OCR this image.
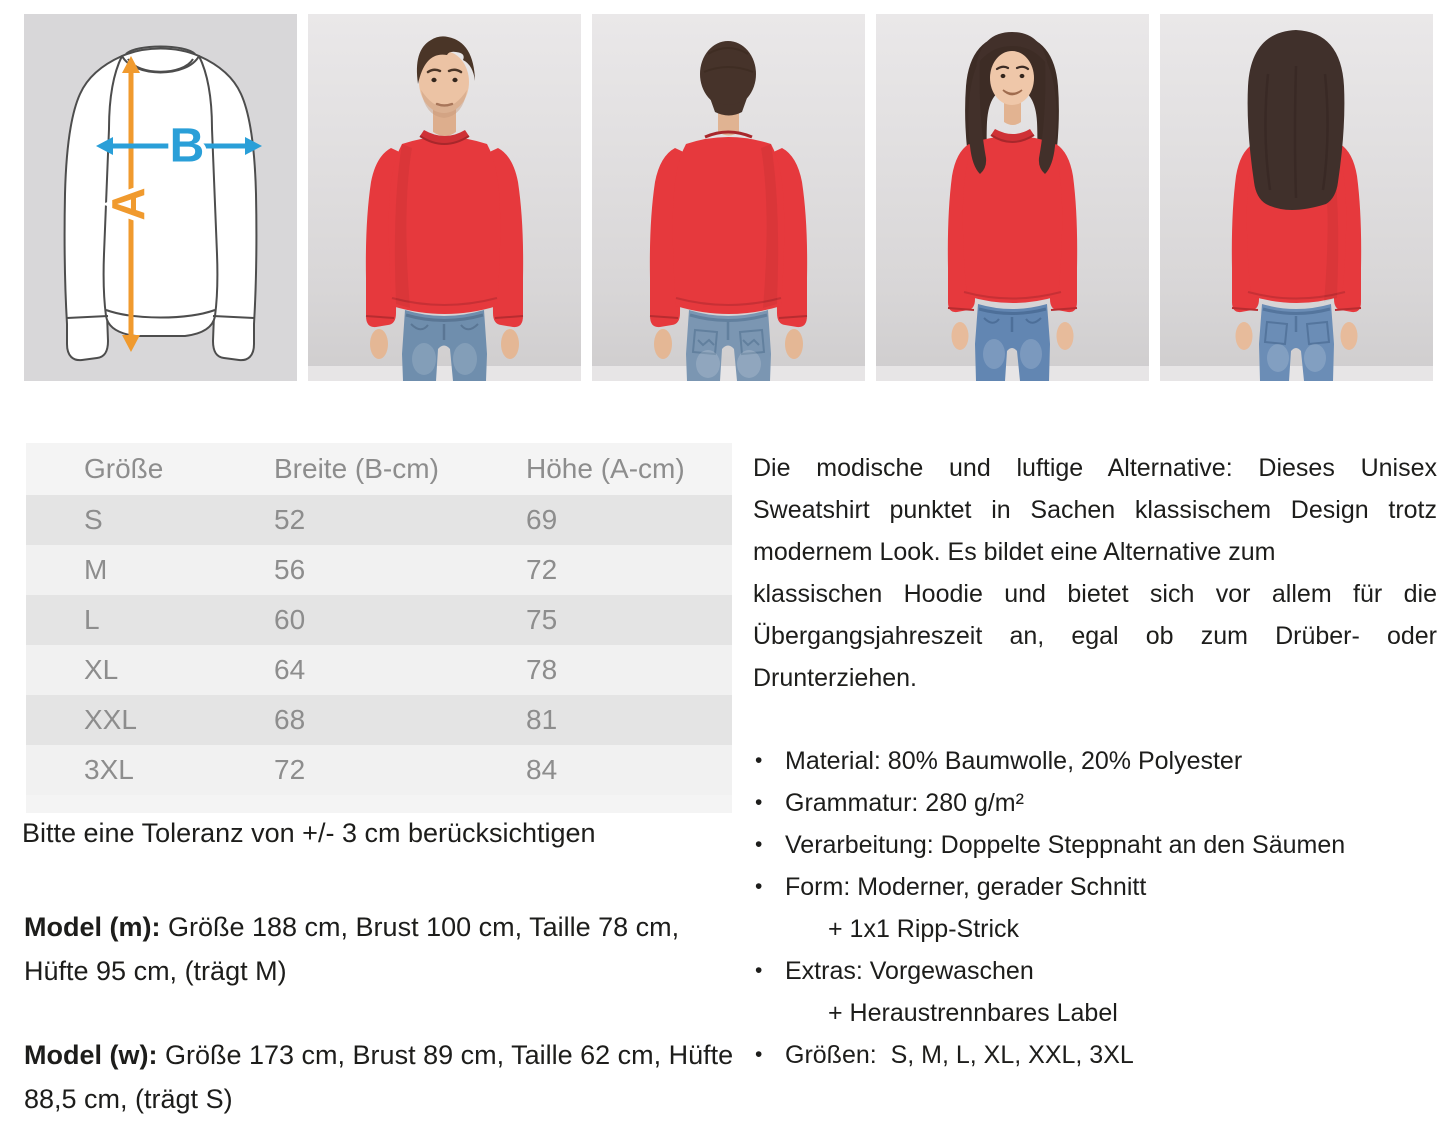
A
B
Größe	Breite (B-cm)	Höhe (A-cm)
S	52	69
M	56	72
L	60	75
XL	64	78
XXL	68	81
3XL	72	84
Bitte eine Toleranz von +/- 3 cm berücksichtigen

Model (m): Größe 188 cm, Brust 100 cm, Taille 78 cm, Hüfte 95 cm, (trägt M)

Model (w): Größe 173 cm, Brust 89 cm, Taille 62 cm, Hüfte 88,5 cm, (trägt S)

Die modische und luftige Alternative: Dieses Unisex
Sweatshirt punktet in Sachen klassischem Design trotz
modernem Look. Es bildet eine Alternative zum
klassischen Hoodie und bietet sich vor allem für die
Übergangsjahreszeit an, egal ob zum Drüber- oder
Drunterziehen.
• Material: 80% Baumwolle, 20% Polyester
• Grammatur: 280 g/m²
• Verarbeitung: Doppelte Steppnaht an den Säumen
• Form: Moderner, gerader Schnitt
+ 1x1 Ripp-Strick
• Extras: Vorgewaschen
+ Heraustrennbares Label
• Größen:  S, M, L, XL, XXL, 3XL
